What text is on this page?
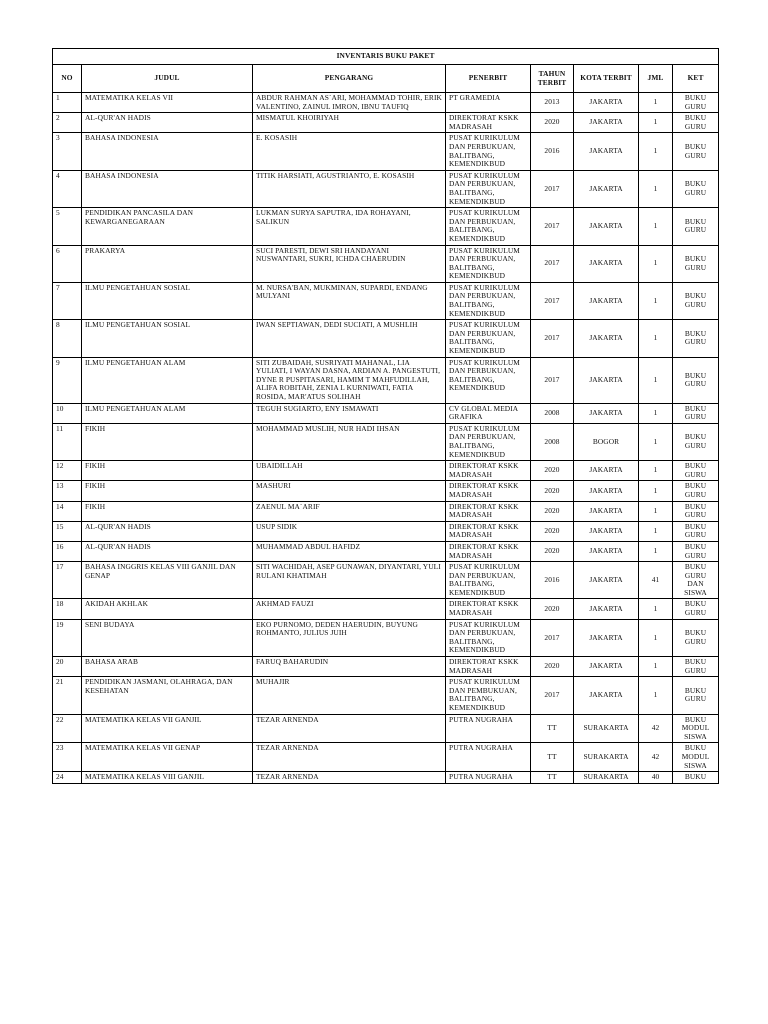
INVENTARIS BUKU PAKET							
NO	JUDUL	PENGARANG	PENERBIT	TAHUN TERBIT	KOTA TERBIT	JML	KET
1	MATEMATIKA KELAS VII	ABDUR RAHMAN AS`ARI, MOHAMMAD TOHIR, ERIK VALENTINO, ZAINUL IMRON, IBNU TAUFIQ	PT GRAMEDIA	2013	JAKARTA	1	BUKU GURU
2	AL-QUR'AN HADIS	MISMATUL KHOIRIYAH	DIREKTORAT KSKK MADRASAH	2020	JAKARTA	1	BUKU GURU
3	BAHASA INDONESIA	E. KOSASIH	PUSAT KURIKULUM DAN PERBUKUAN, BALITBANG, KEMENDIKBUD	2016	JAKARTA	1	BUKU GURU
4	BAHASA INDONESIA	TITIK HARSIATI, AGUSTRIANTO, E. KOSASIH	PUSAT KURIKULUM DAN PERBUKUAN, BALITBANG, KEMENDIKBUD	2017	JAKARTA	1	BUKU GURU
5	PENDIDIKAN PANCASILA DAN KEWARGANEGARAAN	LUKMAN SURYA SAPUTRA, IDA ROHAYANI, SALIKUN	PUSAT KURIKULUM DAN PERBUKUAN, BALITBANG, KEMENDIKBUD	2017	JAKARTA	1	BUKU GURU
6	PRAKARYA	SUCI PARESTI, DEWI SRI HANDAYANI NUSWANTARI, SUKRI, ICHDA CHAERUDIN	PUSAT KURIKULUM DAN PERBUKUAN, BALITBANG, KEMENDIKBUD	2017	JAKARTA	1	BUKU GURU
7	ILMU PENGETAHUAN SOSIAL	M. NURSA'BAN, MUKMINAN, SUPARDI, ENDANG MULYANI	PUSAT KURIKULUM DAN PERBUKUAN, BALITBANG, KEMENDIKBUD	2017	JAKARTA	1	BUKU GURU
8	ILMU PENGETAHUAN SOSIAL	IWAN SEPTIAWAN, DEDI SUCIATI, A MUSHLIH	PUSAT KURIKULUM DAN PERBUKUAN, BALITBANG, KEMENDIKBUD	2017	JAKARTA	1	BUKU GURU
9	ILMU PENGETAHUAN ALAM	SITI ZUBAIDAH, SUSRIYATI MAHANAL, LIA YULIATI, I WAYAN DASNA, ARDIAN A. PANGESTUTI, DYNE R PUSPITASARI, HAMIM T MAHFUDILLAH, ALIFA ROBITAH, ZENIA L KURNIWATI, FATIA ROSIDA, MAR'ATUS SOLIHAH	PUSAT KURIKULUM DAN PERBUKUAN, BALITBANG, KEMENDIKBUD	2017	JAKARTA	1	BUKU GURU
10	ILMU PENGETAHUAN ALAM	TEGUH SUGIARTO, ENY ISMAWATI	CV GLOBAL MEDIA GRAFIKA	2008	JAKARTA	1	BUKU GURU
11	FIKIH	MOHAMMAD MUSLIH, NUR HADI IHSAN	PUSAT KURIKULUM DAN PERBUKUAN, BALITBANG, KEMENDIKBUD	2008	BOGOR	1	BUKU GURU
12	FIKIH	UBAIDILLAH	DIREKTORAT KSKK MADRASAH	2020	JAKARTA	1	BUKU GURU
13	FIKIH	MASHURI	DIREKTORAT KSKK MADRASAH	2020	JAKARTA	1	BUKU GURU
14	FIKIH	ZAENUL MA`ARIF	DIREKTORAT KSKK MADRASAH	2020	JAKARTA	1	BUKU GURU
15	AL-QUR'AN HADIS	USUP SIDIK	DIREKTORAT KSKK MADRASAH	2020	JAKARTA	1	BUKU GURU
16	AL-QUR'AN HADIS	MUHAMMAD ABDUL HAFIDZ	DIREKTORAT KSKK MADRASAH	2020	JAKARTA	1	BUKU GURU
17	BAHASA INGGRIS KELAS VIII GANJIL DAN GENAP	SITI WACHIDAH, ASEP GUNAWAN, DIYANTARI, YULI RULANI KHATIMAH	PUSAT KURIKULUM DAN PERBUKUAN, BALITBANG, KEMENDIKBUD	2016	JAKARTA	41	BUKU GURU DAN SISWA
18	AKIDAH AKHLAK	AKHMAD FAUZI	DIREKTORAT KSKK MADRASAH	2020	JAKARTA	1	BUKU GURU
19	SENI BUDAYA	EKO PURNOMO, DEDEN HAERUDIN, BUYUNG ROHMANTO, JULIUS JUIH	PUSAT KURIKULUM DAN PERBUKUAN, BALITBANG, KEMENDIKBUD	2017	JAKARTA	1	BUKU GURU
20	BAHASA ARAB	FARUQ BAHARUDIN	DIREKTORAT KSKK MADRASAH	2020	JAKARTA	1	BUKU GURU
21	PENDIDIKAN JASMANI, OLAHRAGA, DAN KESEHATAN	MUHAJIR	PUSAT KURIKULUM DAN PEMBUKUAN, BALITBANG, KEMENDIKBUD	2017	JAKARTA	1	BUKU GURU
22	MATEMATIKA KELAS VII GANJIL	TEZAR ARNENDA	PUTRA NUGRAHA	TT	SURAKARTA	42	BUKU MODUL SISWA
23	MATEMATIKA KELAS VII GENAP	TEZAR ARNENDA	PUTRA NUGRAHA	TT	SURAKARTA	42	BUKU MODUL SISWA
24	MATEMATIKA KELAS VIII GANJIL	TEZAR ARNENDA	PUTRA NUGRAHA	TT	SURAKARTA	40	BUKU
